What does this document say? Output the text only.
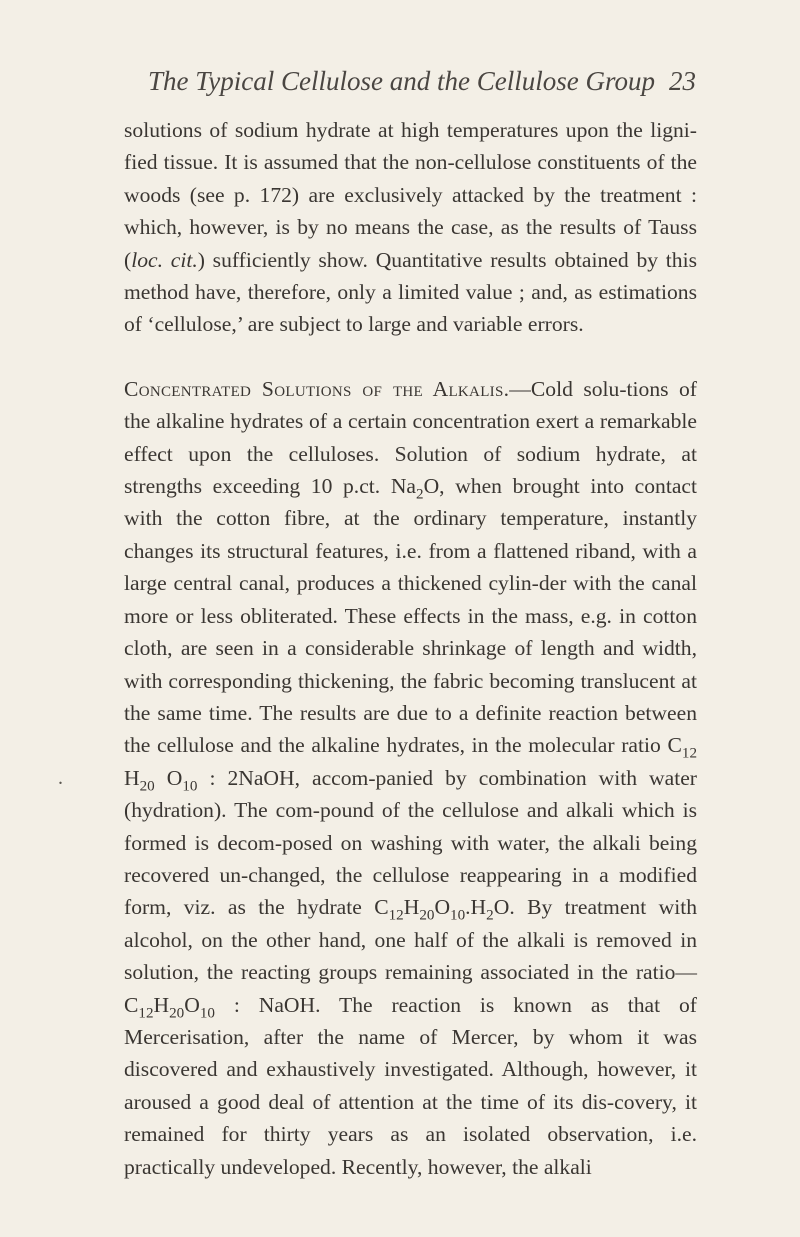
The Typical Cellulose and the Cellulose Group 23

solutions of sodium hydrate at high temperatures upon the ligni-fied tissue. It is assumed that the non-cellulose constituents of the woods (see p. 172) are exclusively attacked by the treatment : which, however, is by no means the case, as the results of Tauss (loc. cit.) sufficiently show. Quantitative results obtained by this method have, therefore, only a limited value ; and, as estimations of ‘cellulose,’ are subject to large and variable errors.

Concentrated Solutions of the Alkalis.—Cold solu-tions of the alkaline hydrates of a certain concentration exert a remarkable effect upon the celluloses. Solution of sodium hydrate, at strengths exceeding 10 p.ct. $Na_2O$, when brought into contact with the cotton fibre, at the ordinary temperature, instantly changes its structural features, i.e. from a flattened riband, with a large central canal, produces a thickened cylin-der with the canal more or less obliterated. These effects in the mass, e.g. in cotton cloth, are seen in a considerable shrinkage of length and width, with corresponding thickening, the fabric becoming translucent at the same time. The results are due to a definite reaction between the cellulose and the alkaline hydrates, in the molecular ratio $C_{12}$ $H_{20}$ $O_{10}$ : 2NaOH, accom-panied by combination with water (hydration). The com-pound of the cellulose and alkali which is formed is decom-posed on washing with water, the alkali being recovered un-changed, the cellulose reappearing in a modified form, viz. as the hydrate $C_{12}H_{20}O_{10}.H_2O$. By treatment with alcohol, on the other hand, one half of the alkali is removed in solution, the reacting groups remaining associated in the $ratio—C_{12}H_{20}O_{10}$ : NaOH. The reaction is known as that of Mercerisation, after the name of Mercer, by whom it was discovered and exhaustively investigated. Although, however, it aroused a good deal of attention at the time of its dis-covery, it remained for thirty years as an isolated observation, i.e. practically undeveloped. Recently, however, the alkali

.
